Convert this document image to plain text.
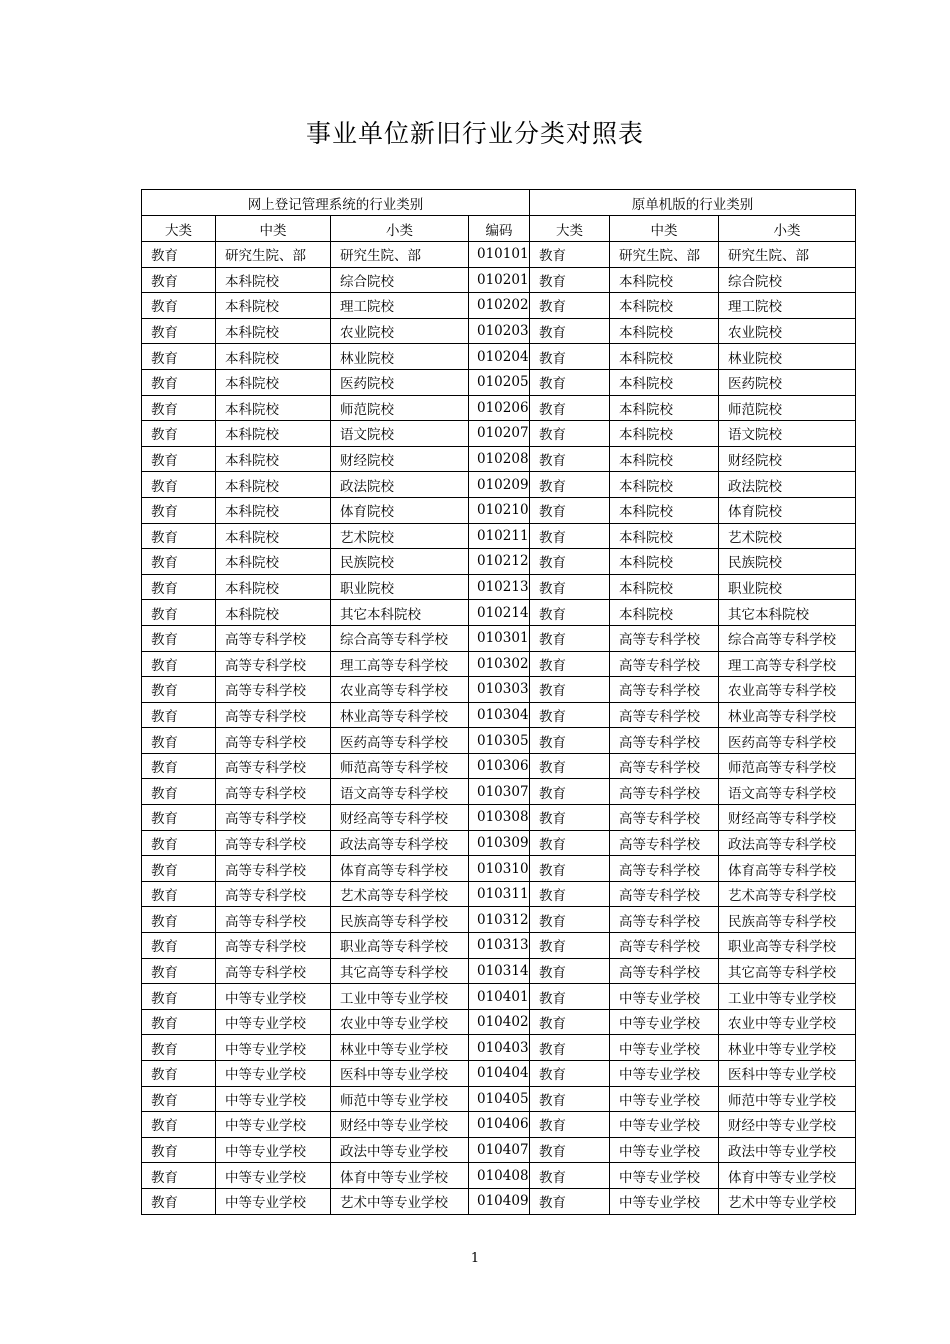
事业单位新旧行业分类对照表
网上登记管理系统的行业类别				原单机版的行业类别		
大类	中类	小类	编码	大类	中类	小类
教育	研究生院、部	研究生院、部	010101	教育	研究生院、部	研究生院、部
教育	本科院校	综合院校	010201	教育	本科院校	综合院校
教育	本科院校	理工院校	010202	教育	本科院校	理工院校
教育	本科院校	农业院校	010203	教育	本科院校	农业院校
教育	本科院校	林业院校	010204	教育	本科院校	林业院校
教育	本科院校	医药院校	010205	教育	本科院校	医药院校
教育	本科院校	师范院校	010206	教育	本科院校	师范院校
教育	本科院校	语文院校	010207	教育	本科院校	语文院校
教育	本科院校	财经院校	010208	教育	本科院校	财经院校
教育	本科院校	政法院校	010209	教育	本科院校	政法院校
教育	本科院校	体育院校	010210	教育	本科院校	体育院校
教育	本科院校	艺术院校	010211	教育	本科院校	艺术院校
教育	本科院校	民族院校	010212	教育	本科院校	民族院校
教育	本科院校	职业院校	010213	教育	本科院校	职业院校
教育	本科院校	其它本科院校	010214	教育	本科院校	其它本科院校
教育	高等专科学校	综合高等专科学校	010301	教育	高等专科学校	综合高等专科学校
教育	高等专科学校	理工高等专科学校	010302	教育	高等专科学校	理工高等专科学校
教育	高等专科学校	农业高等专科学校	010303	教育	高等专科学校	农业高等专科学校
教育	高等专科学校	林业高等专科学校	010304	教育	高等专科学校	林业高等专科学校
教育	高等专科学校	医药高等专科学校	010305	教育	高等专科学校	医药高等专科学校
教育	高等专科学校	师范高等专科学校	010306	教育	高等专科学校	师范高等专科学校
教育	高等专科学校	语文高等专科学校	010307	教育	高等专科学校	语文高等专科学校
教育	高等专科学校	财经高等专科学校	010308	教育	高等专科学校	财经高等专科学校
教育	高等专科学校	政法高等专科学校	010309	教育	高等专科学校	政法高等专科学校
教育	高等专科学校	体育高等专科学校	010310	教育	高等专科学校	体育高等专科学校
教育	高等专科学校	艺术高等专科学校	010311	教育	高等专科学校	艺术高等专科学校
教育	高等专科学校	民族高等专科学校	010312	教育	高等专科学校	民族高等专科学校
教育	高等专科学校	职业高等专科学校	010313	教育	高等专科学校	职业高等专科学校
教育	高等专科学校	其它高等专科学校	010314	教育	高等专科学校	其它高等专科学校
教育	中等专业学校	工业中等专业学校	010401	教育	中等专业学校	工业中等专业学校
教育	中等专业学校	农业中等专业学校	010402	教育	中等专业学校	农业中等专业学校
教育	中等专业学校	林业中等专业学校	010403	教育	中等专业学校	林业中等专业学校
教育	中等专业学校	医科中等专业学校	010404	教育	中等专业学校	医科中等专业学校
教育	中等专业学校	师范中等专业学校	010405	教育	中等专业学校	师范中等专业学校
教育	中等专业学校	财经中等专业学校	010406	教育	中等专业学校	财经中等专业学校
教育	中等专业学校	政法中等专业学校	010407	教育	中等专业学校	政法中等专业学校
教育	中等专业学校	体育中等专业学校	010408	教育	中等专业学校	体育中等专业学校
教育	中等专业学校	艺术中等专业学校	010409	教育	中等专业学校	艺术中等专业学校
1
